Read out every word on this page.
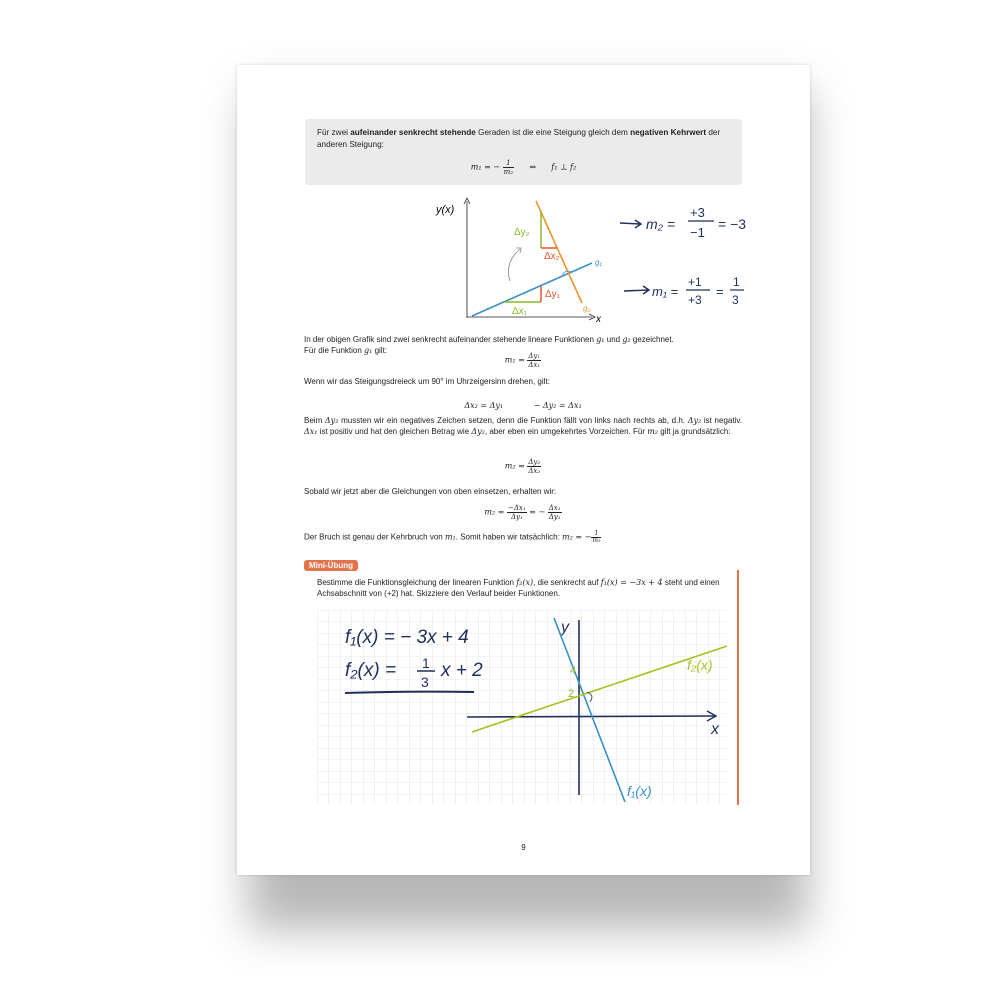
Für zwei aufeinander senkrecht stehende Geraden ist die eine Steigung gleich dem negativen Kehrwert der anderen Steigung:
m₁ = − $\frac{1}{\text{m₂}}$ ⇔ f₁ ⊥ f₂
y(x)
x
g₁
g₂
Δy₁
Δx₁
Δy₂
Δx₂
m₂ =
+3
−1
= −3
m₁ =
+1
+3
=
1
3
In der obigen Grafik sind zwei senkrecht aufeinander stehende lineare Funktionen g₁ und g₂ gezeichnet.
Für die Funktion g₁ gilt:
$m_1 = \frac{\text{Δy₁}}{\text{Δx₁}}$
Wenn wir das Steigungsdreieck um 90° im Uhrzeigersinn drehen, gilt:
Δx₂ = Δy₁	− Δy₂ = Δx₁
Beim Δy₂ mussten wir ein negatives Zeichen setzen, denn die Funktion fällt von links nach rechts ab, d.h. Δy₂ ist negativ. Δx₁ ist positiv und hat den gleichen Betrag wie Δy₂, aber eben ein umgekehrtes Vorzeichen. Für m₂ gilt ja grundsätzlich:
$m_2 = \frac{\text{Δy₂}}{\text{Δx₂}}$
Sobald wir jetzt aber die Gleichungen von oben einsetzen, erhalten wir:
$m_2 = \frac{\text{−Δx₁}}{\text{Δy₁}}$ = − $\frac{\text{Δx₁}}{\text{Δy₁}}$
Der Bruch ist genau der Kehrbruch von m₁. Somit haben wir tatsächlich: m₂ = − $\frac{1}{\text{m₁}}$
Mini-Übung
Bestimme die Funktionsgleichung der linearen Funktion f₂(x), die senkrecht auf f₁(x) = −3x + 4 steht und einen Achsabschnitt von (+2) hat. Skizziere den Verlauf beider Funktionen.
f₁(x) = − 3x + 4
f₂(x) = 1
3
x + 2
y
x
4
2
f₁(x)
f₂(x)
9
